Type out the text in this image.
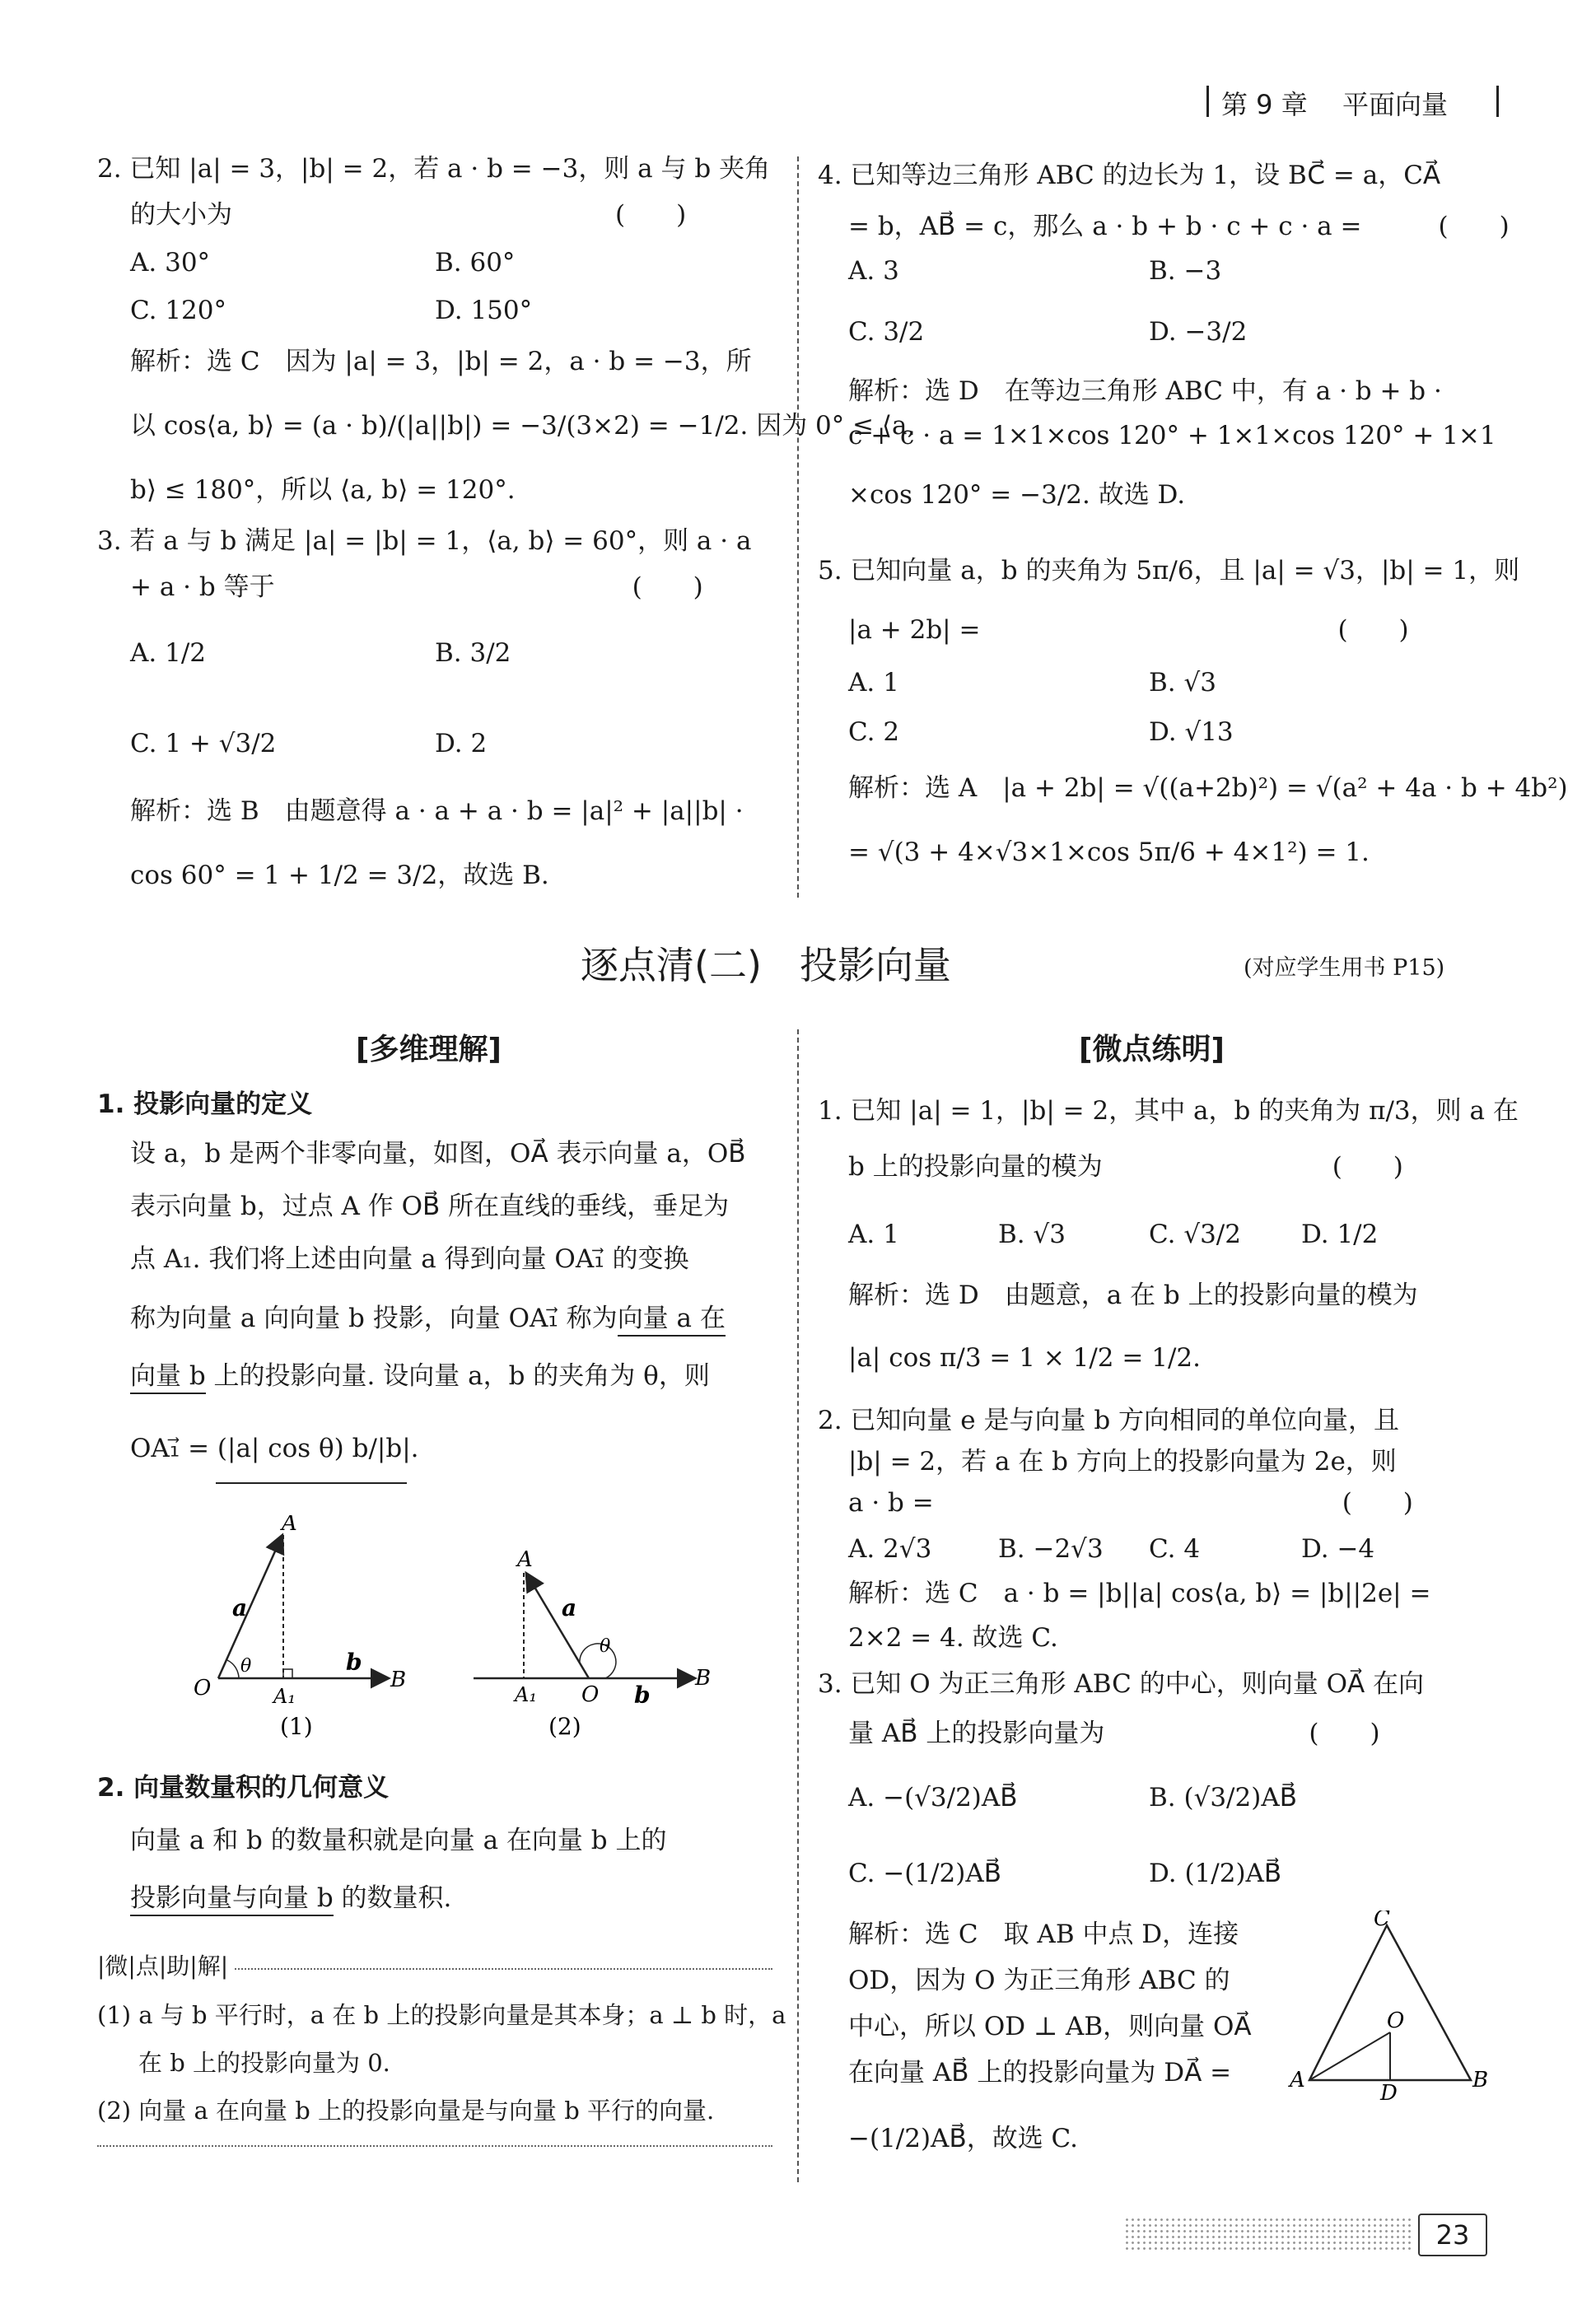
第 9 章 平面向量
2. 已知 |a| = 3，|b| = 2，若 a · b = −3，则 a 与 b 夹角
的大小为　　　　　　　　　　　　　　　(　　)
A. 30°	B. 60°
C. 120°	D. 150°
解析：选 C　因为 |a| = 3，|b| = 2，a · b = −3，所
以 cos⟨a, b⟩ = (a · b)/(|a||b|) = −3/(3×2) = −1/2. 因为 0° ≤ ⟨a,
b⟩ ≤ 180°，所以 ⟨a, b⟩ = 120°.
3. 若 a 与 b 满足 |a| = |b| = 1，⟨a, b⟩ = 60°，则 a · a
+ a · b 等于　　　　　　　　　　　　　　(　　)
A. 1/2	B. 3/2
C. 1 + √3/2	D. 2
解析：选 B　由题意得 a · a + a · b = |a|² + |a||b| ·
cos 60° = 1 + 1/2 = 3/2，故选 B.
4. 已知等边三角形 ABC 的边长为 1，设 BC⃗ = a，CA⃗
= b，AB⃗ = c，那么 a · b + b · c + c · a =　　　(　　)
A. 3	B. −3
C. 3/2	D. −3/2
解析：选 D　在等边三角形 ABC 中，有 a · b + b ·
c + c · a = 1×1×cos 120° + 1×1×cos 120° + 1×1
×cos 120° = −3/2. 故选 D.
5. 已知向量 a，b 的夹角为 5π/6，且 |a| = √3，|b| = 1，则
|a + 2b| =　　　　　　　　　　　　　　(　　)
A. 1	B. √3
C. 2	D. √13
解析：选 A　|a + 2b| = √((a+2b)²) = √(a² + 4a · b + 4b²)
= √(3 + 4×√3×1×cos 5π/6 + 4×1²) = 1.
逐点清(二)　投影向量	(对应学生用书 P15)
[多维理解]
1. 投影向量的定义
设 a，b 是两个非零向量，如图，OA⃗ 表示向量 a，OB⃗
表示向量 b，过点 A 作 OB⃗ 所在直线的垂线，垂足为
点 A₁. 我们将上述由向量 a 得到向量 OA₁⃗ 的变换
称为向量 a 向向量 b 投影，向量 OA₁⃗ 称为向量 a 在
向量 b 上的投影向量. 设向量 a，b 的夹角为 θ，则
OA₁⃗ = (|a| cos θ) b/|b|.
A
a
θ
O	A₁
b
B
(1)
A
a
θ
A₁ O b
B
(2)
2. 向量数量积的几何意义
向量 a 和 b 的数量积就是向量 a 在向量 b 上的
投影向量与向量 b 的数量积.
|微|点|助|解|
(1) a 与 b 平行时，a 在 b 上的投影向量是其本身；a ⊥ b 时，a
在 b 上的投影向量为 0.
(2) 向量 a 在向量 b 上的投影向量是与向量 b 平行的向量.
[微点练明]
1. 已知 |a| = 1，|b| = 2，其中 a，b 的夹角为 π/3，则 a 在
b 上的投影向量的模为　　　　　　　　　(　　)
A. 1	B. √3	C. √3/2 D. 1/2
解析：选 D　由题意，a 在 b 上的投影向量的模为
|a| cos π/3 = 1 × 1/2 = 1/2.
2. 已知向量 e 是与向量 b 方向相同的单位向量，且
|b| = 2，若 a 在 b 方向上的投影向量为 2e，则
a · b =　　　　　　　　　　　　　　　　(　　)
A. 2√3	B. −2√3 C. 4	D. −4
解析：选 C　a · b = |b||a| cos⟨a, b⟩ = |b||2e| =
2×2 = 4. 故选 C.
3. 已知 O 为正三角形 ABC 的中心，则向量 OA⃗ 在向
量 AB⃗ 上的投影向量为　　　　　　　　(　　)
A. −(√3/2)AB⃗	B. (√3/2)AB⃗
C. −(1/2)AB⃗	D. (1/2)AB⃗
解析：选 C　取 AB 中点 D，连接
OD，因为 O 为正三角形 ABC 的
中心，所以 OD ⊥ AB，则向量 OA⃗
在向量 AB⃗ 上的投影向量为 DA⃗ =
−(1/2)AB⃗，故选 C.
C
O
A
D
B
23
